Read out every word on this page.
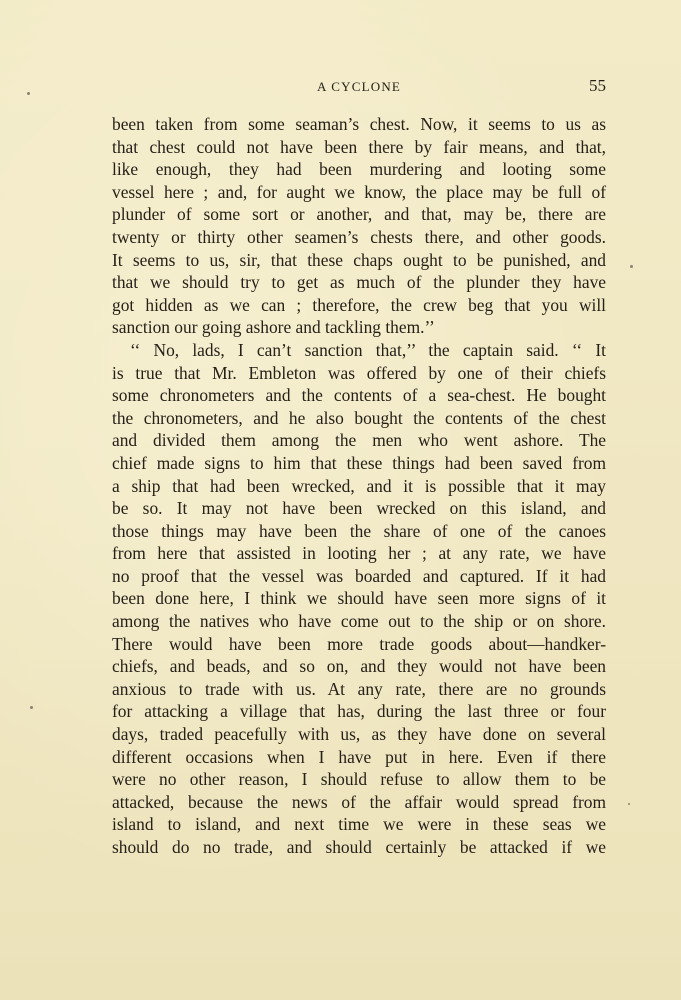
A CYCLONE	55
been taken from some seaman’s chest. Now, it seems to us as
that chest could not have been there by fair means, and that,
like enough, they had been murdering and looting some
vessel here ; and, for aught we know, the place may be full of
plunder of some sort or another, and that, may be, there are
twenty or thirty other seamen’s chests there, and other goods.
It seems to us, sir, that these chaps ought to be punished, and
that we should try to get as much of the plunder they have
got hidden as we can ; therefore, the crew beg that you will
sanction our going ashore and tackling them.’’
‘‘ No, lads, I can’t sanction that,’’ the captain said. ‘‘ It
is true that Mr. Embleton was offered by one of their chiefs
some chronometers and the contents of a sea-chest. He bought
the chronometers, and he also bought the contents of the chest
and divided them among the men who went ashore. The
chief made signs to him that these things had been saved from
a ship that had been wrecked, and it is possible that it may
be so. It may not have been wrecked on this island, and
those things may have been the share of one of the canoes
from here that assisted in looting her ; at any rate, we have
no proof that the vessel was boarded and captured. If it had
been done here, I think we should have seen more signs of it
among the natives who have come out to the ship or on shore.
There would have been more trade goods about—handker-
chiefs, and beads, and so on, and they would not have been
anxious to trade with us. At any rate, there are no grounds
for attacking a village that has, during the last three or four
days, traded peacefully with us, as they have done on several
different occasions when I have put in here. Even if there
were no other reason, I should refuse to allow them to be
attacked, because the news of the affair would spread from
island to island, and next time we were in these seas we
should do no trade, and should certainly be attacked if we
